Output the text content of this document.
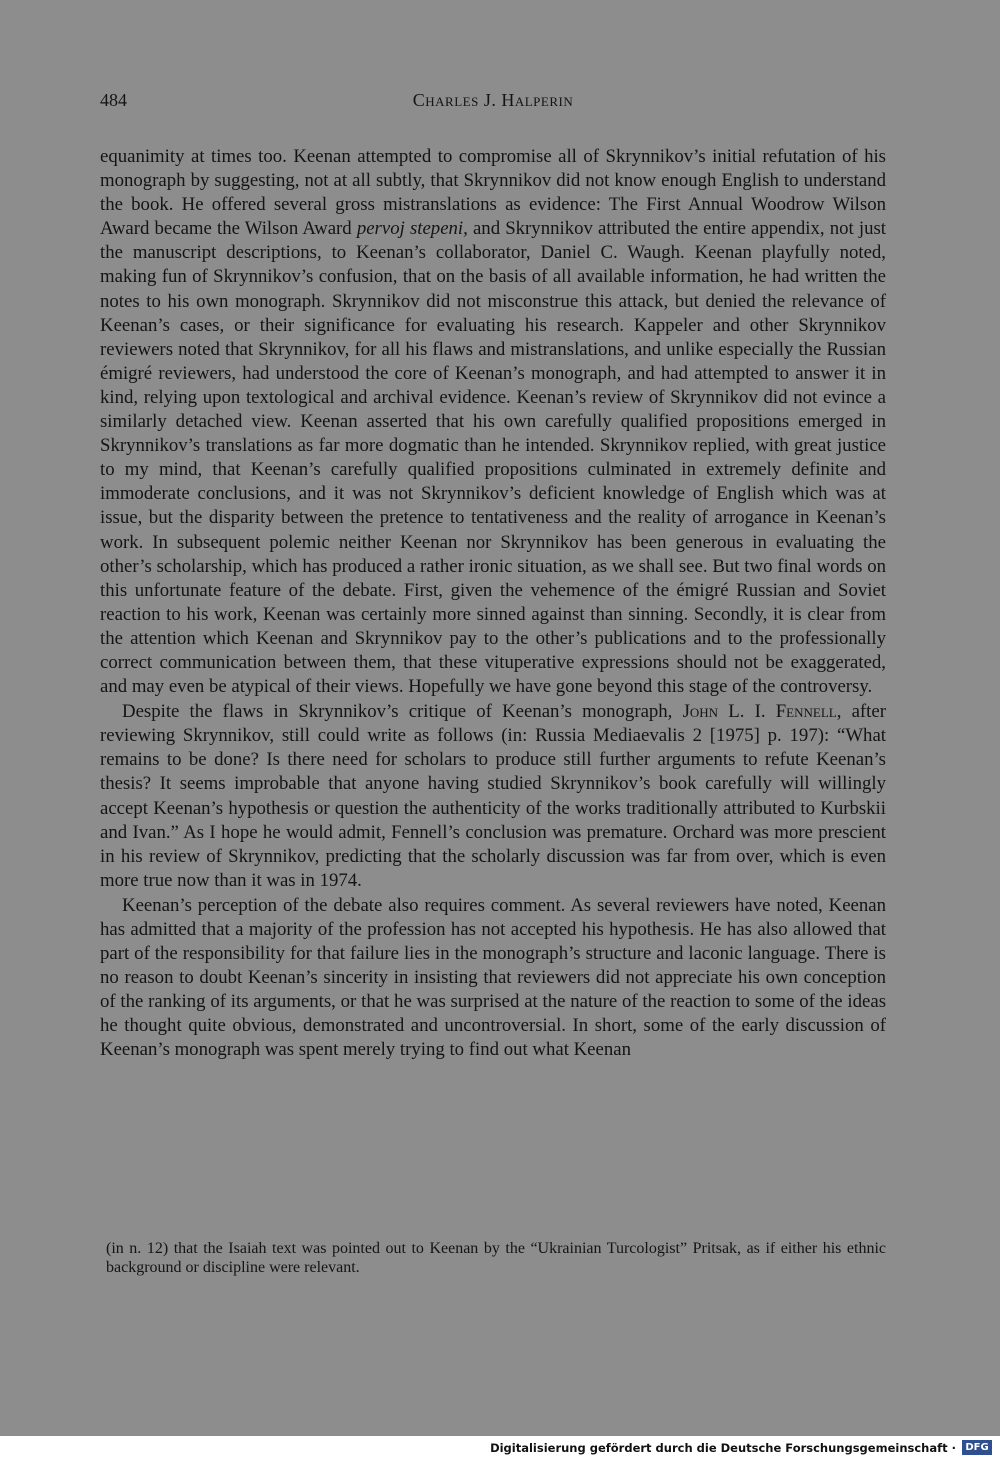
484	Charles J. Halperin

equanimity at times too. Keenan attempted to compromise all of Skrynnikov’s initial refutation of his monograph by suggesting, not at all subtly, that Skrynnikov did not know enough English to understand the book. He offered several gross mistranslations as evidence: The First Annual Woodrow Wilson Award became the Wilson Award pervoj stepeni, and Skrynnikov attributed the entire appendix, not just the manuscript descriptions, to Keenan’s collaborator, Daniel C. Waugh. Keenan playfully noted, making fun of Skrynnikov’s confusion, that on the basis of all available information, he had written the notes to his own monograph. Skrynnikov did not misconstrue this attack, but denied the relevance of Keenan’s cases, or their significance for evaluating his research. Kappeler and other Skrynnikov reviewers noted that Skrynnikov, for all his flaws and mistranslations, and unlike especially the Russian émigré reviewers, had understood the core of Keenan’s monograph, and had attempted to answer it in kind, relying upon textological and archival evidence. Keenan’s review of Skrynnikov did not evince a similarly detached view. Keenan asserted that his own carefully qualified propositions emerged in Skrynnikov’s translations as far more dogmatic than he intended. Skrynnikov replied, with great justice to my mind, that Keenan’s carefully qualified propositions culminated in extremely definite and immoderate conclusions, and it was not Skrynnikov’s deficient knowledge of English which was at issue, but the disparity between the pretence to tentativeness and the reality of arrogance in Keenan’s work. In subsequent polemic neither Keenan nor Skrynnikov has been generous in evaluating the other’s scholarship, which has produced a rather ironic situation, as we shall see. But two final words on this unfortunate feature of the debate. First, given the vehemence of the émigré Russian and Soviet reaction to his work, Keenan was certainly more sinned against than sinning. Secondly, it is clear from the attention which Keenan and Skrynnikov pay to the other’s publications and to the professionally correct communication between them, that these vituperative expressions should not be exaggerated, and may even be atypical of their views. Hopefully we have gone beyond this stage of the controversy.

Despite the flaws in Skrynnikov’s critique of Keenan’s monograph, John L. I. Fennell, after reviewing Skrynnikov, still could write as follows (in: Russia Mediaevalis 2 [1975] p. 197): “What remains to be done? Is there need for scholars to produce still further arguments to refute Keenan’s thesis? It seems improbable that anyone having studied Skrynnikov’s book carefully will willingly accept Keenan’s hypothesis or question the authenticity of the works traditionally attributed to Kurbskii and Ivan.” As I hope he would admit, Fennell’s conclusion was premature. Orchard was more prescient in his review of Skrynnikov, predicting that the scholarly discussion was far from over, which is even more true now than it was in 1974.

Keenan’s perception of the debate also requires comment. As several reviewers have noted, Keenan has admitted that a majority of the profession has not accepted his hypothesis. He has also allowed that part of the responsibility for that failure lies in the monograph’s structure and laconic language. There is no reason to doubt Keenan’s sincerity in insisting that reviewers did not appreciate his own conception of the ranking of its arguments, or that he was surprised at the nature of the reaction to some of the ideas he thought quite obvious, demonstrated and uncontroversial. In short, some of the early discussion of Keenan’s monograph was spent merely trying to find out what Keenan

(in n. 12) that the Isaiah text was pointed out to Keenan by the “Ukrainian Turcologist” Pritsak, as if either his ethnic background or discipline were relevant.

Digitalisierung gefördert durch die Deutsche Forschungsgemeinschaft · DFG
